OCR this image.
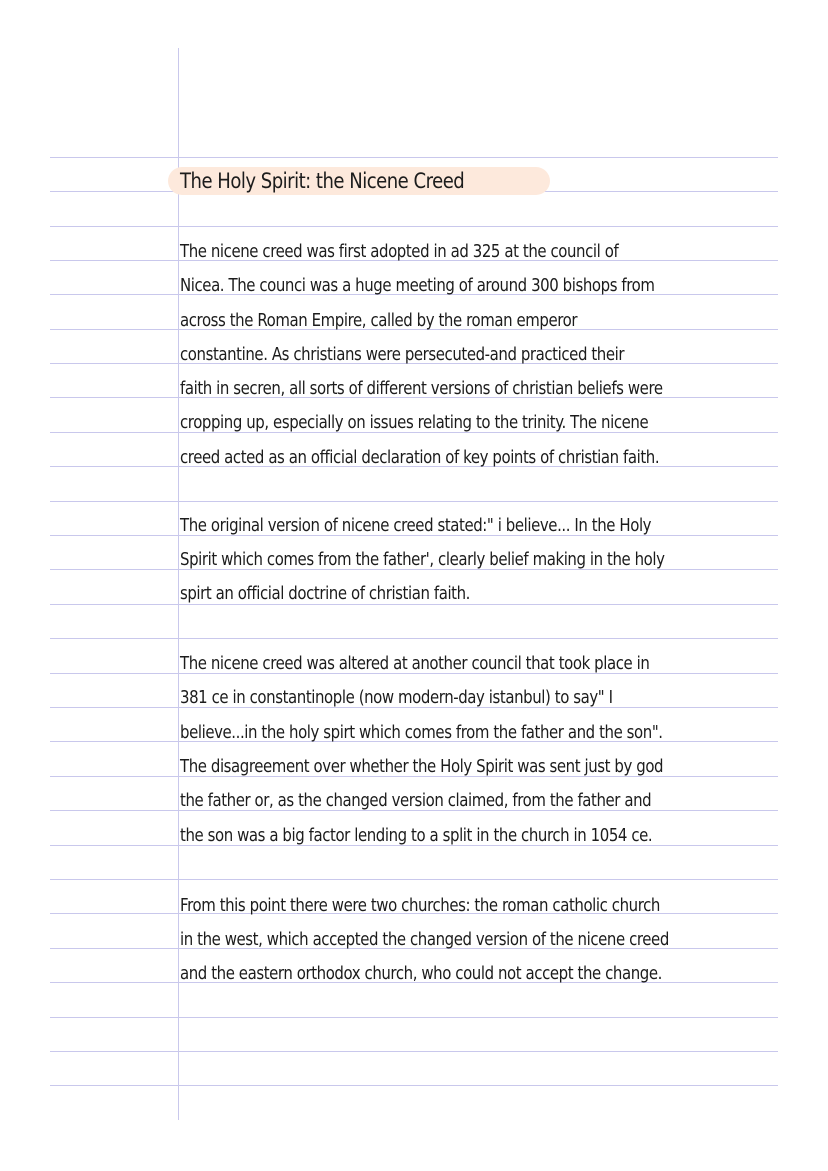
The Holy Spirit: the Nicene Creed
The nicene creed was first adopted in ad 325 at the council of
Nicea. The counci was a huge meeting of around 300 bishops from
across the Roman Empire, called by the roman emperor
constantine. As christians were persecuted-and practiced their
faith in secren, all sorts of different versions of christian beliefs were
cropping up, especially on issues relating to the trinity. The nicene
creed acted as an official declaration of key points of christian faith.
The original version of nicene creed stated:" i believe... In the Holy
Spirit which comes from the father', clearly belief making in the holy
spirt an official doctrine of christian faith.
The nicene creed was altered at another council that took place in
381 ce in constantinople (now modern-day istanbul) to say" I
believe...in the holy spirt which comes from the father and the son".
The disagreement over whether the Holy Spirit was sent just by god
the father or, as the changed version claimed, from the father and
the son was a big factor lending to a split in the church in 1054 ce.
From this point there were two churches: the roman catholic church
in the west, which accepted the changed version of the nicene creed
and the eastern orthodox church, who could not accept the change.
